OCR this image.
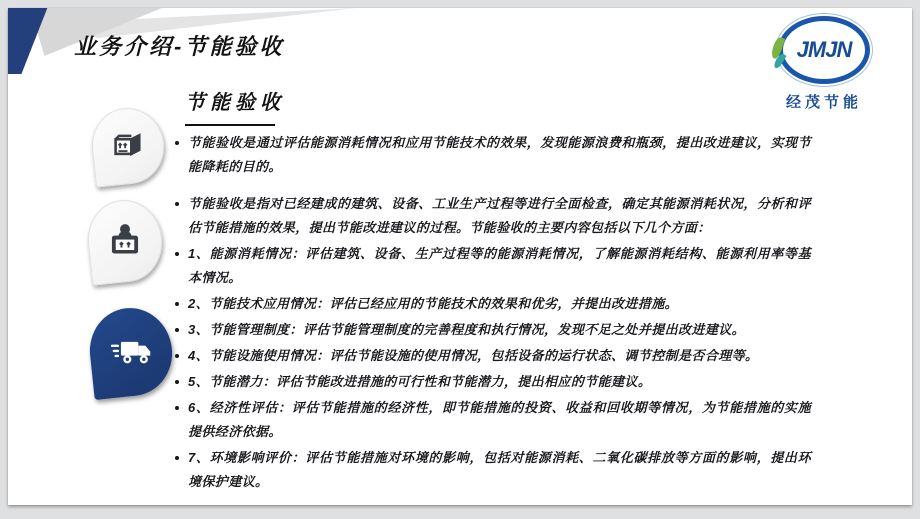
业务介绍-节能验收	JMJN
经茂节能
节能验收

节能验收是通过评估能源消耗情况和应用节能技术的效果，发现能源浪费和瓶颈，提出改进建议，实现节能降耗的目的。

节能验收是指对已经建成的建筑、设备、工业生产过程等进行全面检查，确定其能源消耗状况，分析和评估节能措施的效果，提出节能改进建议的过程。节能验收的主要内容包括以下几个方面：

1、能源消耗情况：评估建筑、设备、生产过程等的能源消耗情况，了解能源消耗结构、能源利用率等基本情况。

2、节能技术应用情况：评估已经应用的节能技术的效果和优劣，并提出改进措施。

3、节能管理制度：评估节能管理制度的完善程度和执行情况，发现不足之处并提出改进建议。

4、节能设施使用情况：评估节能设施的使用情况，包括设备的运行状态、调节控制是否合理等。

5、节能潜力：评估节能改进措施的可行性和节能潜力，提出相应的节能建议。

6、经济性评估：评估节能措施的经济性，即节能措施的投资、收益和回收期等情况，为节能措施的实施提供经济依据。

7、环境影响评价：评估节能措施对环境的影响，包括对能源消耗、二氧化碳排放等方面的影响，提出环境保护建议。
